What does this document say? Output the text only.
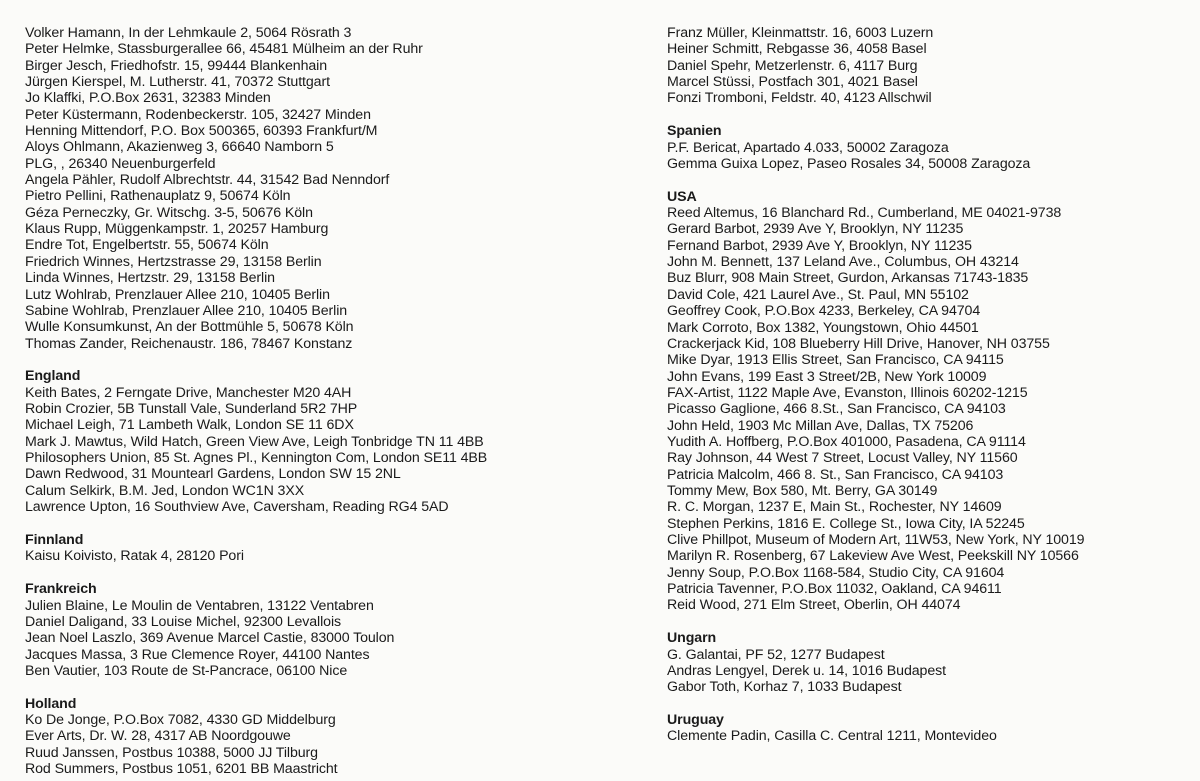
Volker Hamann, In der Lehmkaule 2, 5064 Rösrath 3
Peter Helmke, Stassburgerallee 66, 45481 Mülheim an der Ruhr
Birger Jesch, Friedhofstr. 15, 99444 Blankenhain
Jürgen Kierspel, M. Lutherstr. 41, 70372 Stuttgart
Jo Klaffki, P.O.Box 2631, 32383 Minden
Peter Küstermann, Rodenbeckerstr. 105, 32427 Minden
Henning Mittendorf, P.O. Box 500365, 60393 Frankfurt/M
Aloys Ohlmann, Akazienweg 3, 66640 Namborn 5
PLG, , 26340 Neuenburgerfeld
Angela Pähler, Rudolf Albrechtstr. 44, 31542 Bad Nenndorf
Pietro Pellini, Rathenauplatz 9, 50674 Köln
Géza Perneczky, Gr. Witschg. 3-5, 50676 Köln
Klaus Rupp, Müggenkampstr. 1, 20257 Hamburg
Endre Tot, Engelbertstr. 55, 50674 Köln
Friedrich Winnes, Hertzstrasse 29, 13158 Berlin
Linda Winnes, Hertzstr. 29, 13158 Berlin
Lutz Wohlrab, Prenzlauer Allee 210, 10405 Berlin
Sabine Wohlrab, Prenzlauer Allee 210, 10405 Berlin
Wulle Konsumkunst, An der Bottmühle 5, 50678 Köln
Thomas Zander, Reichenaustr. 186, 78467 Konstanz
England
Keith Bates, 2 Ferngate Drive, Manchester M20 4AH
Robin Crozier, 5B Tunstall Vale, Sunderland 5R2 7HP
Michael Leigh, 71 Lambeth Walk, London SE 11 6DX
Mark J. Mawtus, Wild Hatch, Green View Ave, Leigh Tonbridge TN 11 4BB
Philosophers Union, 85 St. Agnes Pl., Kennington Com, London SE11 4BB
Dawn Redwood, 31 Mountearl Gardens, London SW 15 2NL
Calum Selkirk, B.M. Jed, London WC1N 3XX
Lawrence Upton, 16 Southview Ave, Caversham, Reading RG4 5AD
Finnland
Kaisu Koivisto, Ratak 4, 28120 Pori
Frankreich
Julien Blaine, Le Moulin de Ventabren, 13122 Ventabren
Daniel Daligand, 33 Louise Michel, 92300 Levallois
Jean Noel Laszlo, 369 Avenue Marcel Castie, 83000 Toulon
Jacques Massa, 3 Rue Clemence Royer, 44100 Nantes
Ben Vautier, 103 Route de St-Pancrace, 06100 Nice
Holland
Ko De Jonge, P.O.Box 7082, 4330 GD Middelburg
Ever Arts, Dr. W. 28, 4317 AB Noordgouwe
Ruud Janssen, Postbus 10388, 5000 JJ Tilburg
Rod Summers, Postbus 1051, 6201 BB Maastricht
Franz Müller, Kleinmattstr. 16, 6003 Luzern
Heiner Schmitt, Rebgasse 36, 4058 Basel
Daniel Spehr, Metzerlenstr. 6, 4117 Burg
Marcel Stüssi, Postfach 301, 4021 Basel
Fonzi Tromboni, Feldstr. 40, 4123 Allschwil
Spanien
P.F. Bericat, Apartado 4.033, 50002 Zaragoza
Gemma Guixa Lopez, Paseo Rosales 34, 50008 Zaragoza
USA
Reed Altemus, 16 Blanchard Rd., Cumberland, ME 04021-9738
Gerard Barbot, 2939 Ave Y, Brooklyn, NY 11235
Fernand Barbot, 2939 Ave Y, Brooklyn, NY 11235
John M. Bennett, 137 Leland Ave., Columbus, OH 43214
Buz Blurr, 908 Main Street, Gurdon, Arkansas 71743-1835
David Cole, 421 Laurel Ave., St. Paul, MN 55102
Geoffrey Cook, P.O.Box 4233, Berkeley, CA 94704
Mark Corroto, Box 1382, Youngstown, Ohio 44501
Crackerjack Kid, 108 Blueberry Hill Drive, Hanover, NH 03755
Mike Dyar, 1913 Ellis Street, San Francisco, CA 94115
John Evans, 199 East 3 Street/2B, New York 10009
FAX-Artist, 1122 Maple Ave, Evanston, Illinois 60202-1215
Picasso Gaglione, 466 8.St., San Francisco, CA 94103
John Held, 1903 Mc Millan Ave, Dallas, TX 75206
Yudith A. Hoffberg, P.O.Box 401000, Pasadena, CA 91114
Ray Johnson, 44 West 7 Street, Locust Valley, NY 11560
Patricia Malcolm, 466 8. St., San Francisco, CA 94103
Tommy Mew, Box 580, Mt. Berry, GA 30149
R. C. Morgan, 1237 E, Main St., Rochester, NY 14609
Stephen Perkins, 1816 E. College St., Iowa City, IA 52245
Clive Phillpot, Museum of Modern Art, 11W53, New York, NY 10019
Marilyn R. Rosenberg, 67 Lakeview Ave West, Peekskill NY 10566
Jenny Soup, P.O.Box 1168-584, Studio City, CA 91604
Patricia Tavenner, P.O.Box 11032, Oakland, CA 94611
Reid Wood, 271 Elm Street, Oberlin, OH 44074
Ungarn
G. Galantai, PF 52, 1277 Budapest
Andras Lengyel, Derek u. 14, 1016 Budapest
Gabor Toth, Korhaz 7, 1033 Budapest
Uruguay
Clemente Padin, Casilla C. Central 1211, Montevideo
